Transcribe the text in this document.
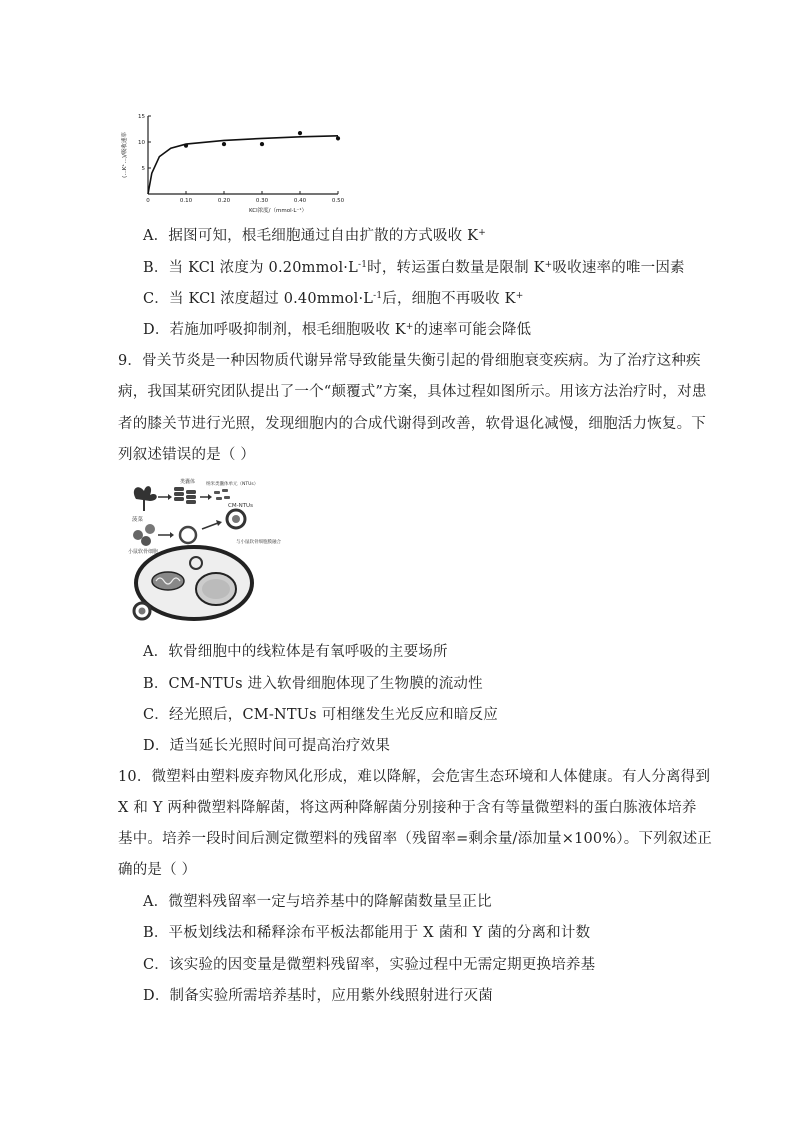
0	0.10	0.20	0.30	0.40	0.50
5
10
15
KCl浓度/（mmol·L⁻¹）
(…K⁺…)/吸收速率
A．据图可知，根毛细胞通过自由扩散的方式吸收 K+
B．当 KCl 浓度为 $0.20mmol\cdot L^{-1}$时，转运蛋白数量是限制 K+吸收速率的唯一因素
C．当 KCl 浓度超过 $0.40mmol\cdot L^{-1}$后，细胞不再吸收 K+
D．若施加呼吸抑制剂，根毛细胞吸收 K+的速率可能会降低
9．骨关节炎是一种因物质代谢异常导致能量失衡引起的骨细胞衰变疾病。为了治疗这种疾
病，我国某研究团队提出了一个“颠覆式”方案，具体过程如图所示。用该方法治疗时，对患
者的膝关节进行光照，发现细胞内的合成代谢得到改善，软骨退化减慢，细胞活力恢复。下
列叙述错误的是（ ）
菠菜
类囊体 纳米类囊体单元（NTUs）
CM-NTUs
小鼠软骨细胞
与小鼠软骨细胞膜融合
A．软骨细胞中的线粒体是有氧呼吸的主要场所
B．CM-NTUs 进入软骨细胞体现了生物膜的流动性
C．经光照后，CM-NTUs 可相继发生光反应和暗反应
D．适当延长光照时间可提高治疗效果
10．微塑料由塑料废弃物风化形成，难以降解，会危害生态环境和人体健康。有人分离得到
X 和 Y 两种微塑料降解菌，将这两种降解菌分别接种于含有等量微塑料的蛋白胨液体培养
基中。培养一段时间后测定微塑料的残留率（残留率=剩余量/添加量×100%）。下列叙述正
确的是（ ）
A．微塑料残留率一定与培养基中的降解菌数量呈正比
B．平板划线法和稀释涂布平板法都能用于 X 菌和 Y 菌的分离和计数
C．该实验的因变量是微塑料残留率，实验过程中无需定期更换培养基
D．制备实验所需培养基时，应用紫外线照射进行灭菌
